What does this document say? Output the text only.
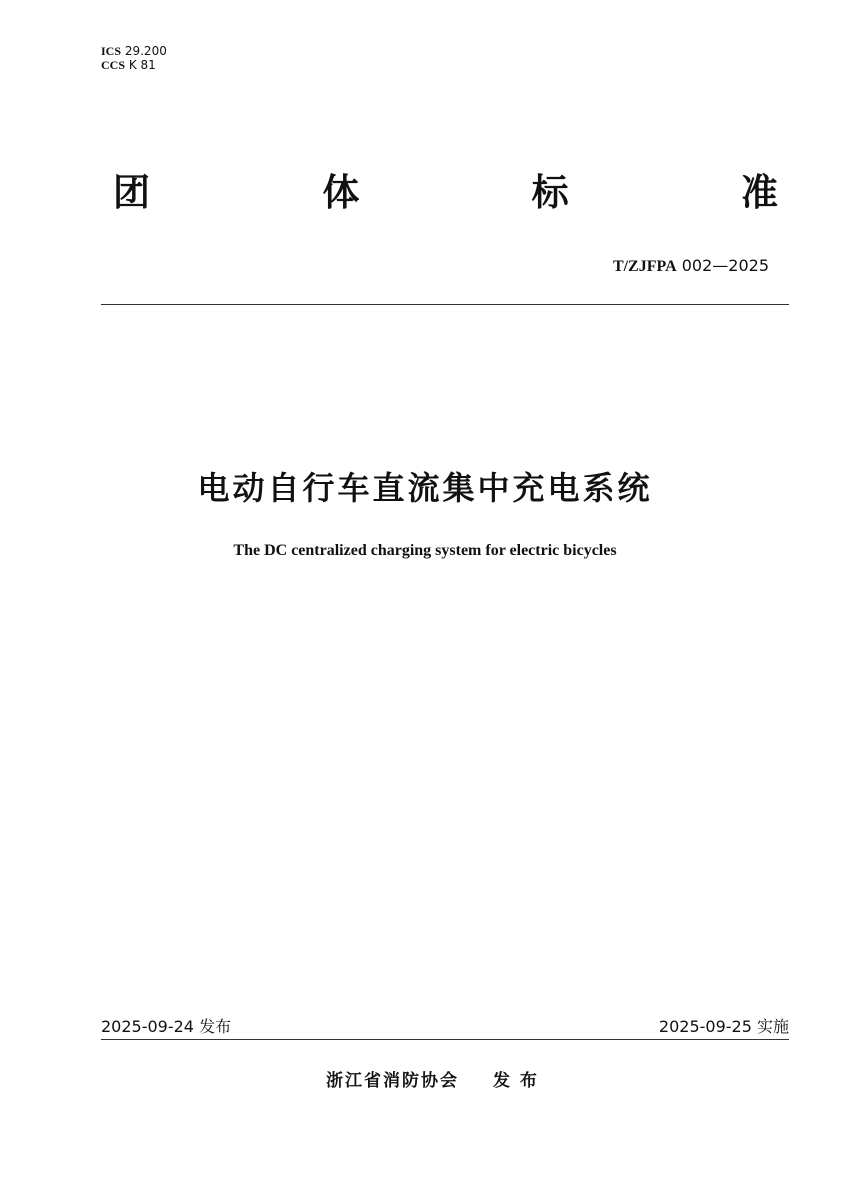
ICS 29.200
CCS K 81
团	体	标	准
T/ZJFPA 002—2025
电动自行车直流集中充电系统
The DC centralized charging system for electric bicycles
2025-09-24 发布	2025-09-25 实施
浙江省消防协会 发 布
